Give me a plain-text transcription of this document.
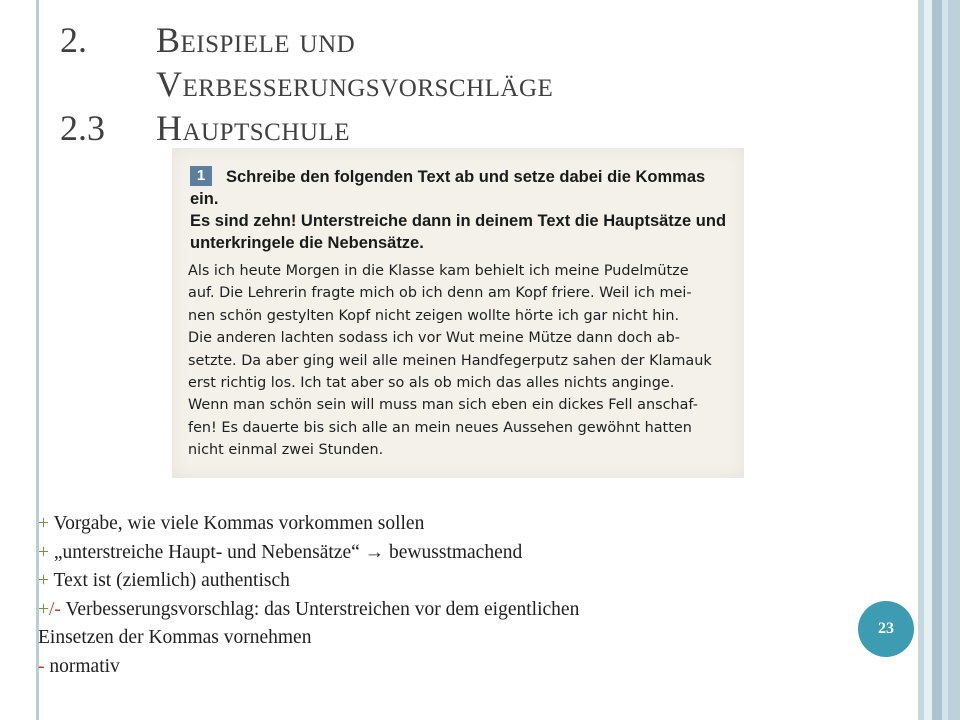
2.	Beispiele und
Verbesserungsvorschläge
2.3	Hauptschule
1 Schreibe den folgenden Text ab und setze dabei die Kommas ein.
Es sind zehn! Unterstreiche dann in deinem Text die Hauptsätze und
unterkringele die Nebensätze.
Als ich heute Morgen in die Klasse kam behielt ich meine Pudelmütze
auf. Die Lehrerin fragte mich ob ich denn am Kopf friere. Weil ich mei-
nen schön gestylten Kopf nicht zeigen wollte hörte ich gar nicht hin.
Die anderen lachten sodass ich vor Wut meine Mütze dann doch ab-
setzte. Da aber ging weil alle meinen Handfegerputz sahen der Klamauk
erst richtig los. Ich tat aber so als ob mich das alles nichts anginge.
Wenn man schön sein will muss man sich eben ein dickes Fell anschaf-
fen! Es dauerte bis sich alle an mein neues Aussehen gewöhnt hatten
nicht einmal zwei Stunden.
+ Vorgabe, wie viele Kommas vorkommen sollen
+ „unterstreiche Haupt- und Nebensätze“ → bewusstmachend
+ Text ist (ziemlich) authentisch
+/- Verbesserungsvorschlag: das Unterstreichen vor dem eigentlichen
Einsetzen der Kommas vornehmen
- normativ
23
